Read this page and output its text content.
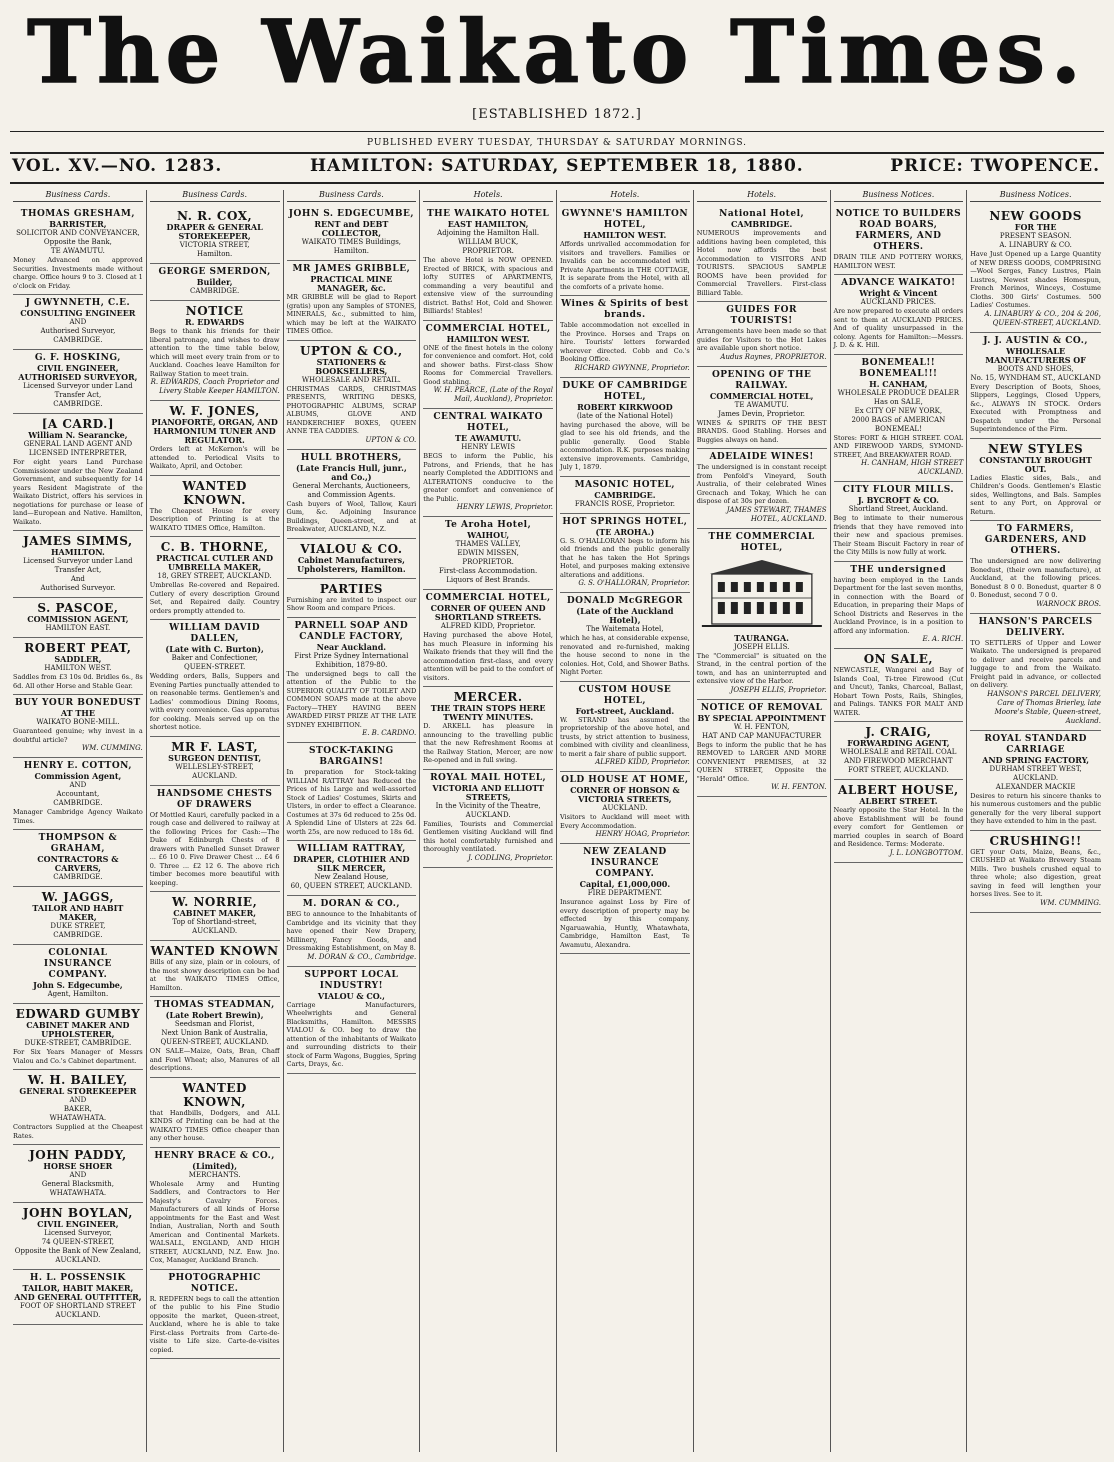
The Waikato Times.
[ESTABLISHED 1872.]
PUBLISHED EVERY TUESDAY, THURSDAY & SATURDAY MORNINGS.
VOL. XV.—NO. 1283.	HAMILTON: SATURDAY, SEPTEMBER 18, 1880.	PRICE: TWOPENCE.
Business Cards.
THOMAS GRESHAM,
BARRISTER,
SOLICITOR AND CONVEYANCER,
Opposite the Bank,
TE AWAMUTU.
Money Advanced on approved Securities. Investments made without charge. Office hours 9 to 3. Closed at 1 o'clock on Friday.
J GWYNNETH, C.E.
CONSULTING ENGINEER
AND
Authorised Surveyor,
CAMBRIDGE.
G. F. HOSKING,
CIVIL ENGINEER, AUTHORISED SURVEYOR,
Licensed Surveyor under Land Transfer Act,
CAMBRIDGE.
[A CARD.]
William N. Searancke,
GENERAL LAND AGENT AND LICENSED INTERPRETER,
For eight years Land Purchase Commissioner under the New Zealand Government, and subsequently for 14 years Resident Magistrate of the Waikato District, offers his services in negotiations for purchase or lease of land—European and Native. Hamilton, Waikato.
JAMES SIMMS,
HAMILTON.
Licensed Surveyor under Land Transfer Act,
And
Authorised Surveyor.
S. PASCOE,
COMMISSION AGENT,
HAMILTON EAST.
ROBERT PEAT,
SADDLER,
HAMILTON WEST.
Saddles from £3 10s 0d. Bridles 6s., 8s 6d. All other Horse and Stable Gear.
BUY YOUR BONEDUST
AT THE
WAIKATO BONE-MILL.
Guaranteed genuine; why invest in a doubtful article?
WM. CUMMING.
HENRY E. COTTON,
Commission Agent,
AND
Accountant,
CAMBRIDGE.
Manager Cambridge Agency Waikato Times.
THOMPSON & GRAHAM,
CONTRACTORS & CARVERS,
CAMBRIDGE.
W. JAGGS,
TAILOR AND HABIT MAKER,
DUKE STREET,
CAMBRIDGE.
COLONIAL INSURANCE COMPANY.
John S. Edgecumbe,
Agent, Hamilton.
EDWARD GUMBY
CABINET MAKER AND UPHOLSTERER,
DUKE-STREET, CAMBRIDGE.
For Six Years Manager of Messrs Vialou and Co.'s Cabinet department.
W. H. BAILEY,
GENERAL STOREKEEPER
AND
BAKER,
WHATAWHATA.
Contractors Supplied at the Cheapest Rates.
JOHN PADDY,
HORSE SHOER
AND
General Blacksmith,
WHATAWHATA.
JOHN BOYLAN,
CIVIL ENGINEER,
Licensed Surveyor,
74 QUEEN-STREET,
Opposite the Bank of New Zealand, AUCKLAND.
H. L. POSSENSIK
TAILOR, HABIT MAKER, AND GENERAL OUTFITTER,
FOOT OF SHORTLAND STREET
AUCKLAND.
Business Cards.
N. R. COX,
DRAPER & GENERAL STOREKEEPER,
VICTORIA STREET,
Hamilton.
GEORGE SMERDON,
Builder,
CAMBRIDGE.
NOTICE
R. EDWARDS
Begs to thank his friends for their liberal patronage, and wishes to draw attention to the time table below, which will meet every train from or to Auckland. Coaches leave Hamilton for Railway Station to meet train.
R. EDWARDS, Coach Proprietor and Livery Stable Keeper HAMILTON.
W. F. JONES,
PIANOFORTE, ORGAN, AND HARMONIUM TUNER AND REGULATOR.
Orders left at McKernon's will be attended to. Periodical Visits to Waikato, April, and October.
WANTED KNOWN.
The Cheapest House for every Description of Printing is at the WAIKATO TIMES Office, Hamilton.
C. B. THORNE,
PRACTICAL CUTLER AND UMBRELLA MAKER,
18, GREY STREET, AUCKLAND.
Umbrellas Re-covered and Repaired. Cutlery of every description Ground Set, and Repaired daily. Country orders promptly attended to.
WILLIAM DAVID DALLEN,
(Late with C. Burton),
Baker and Confectioner,
QUEEN-STREET.
Wedding orders, Balls, Suppers and Evening Parties punctually attended to on reasonable terms. Gentlemen's and Ladies' commodious Dining Rooms, with every convenience. Gas apparatus for cooking. Meals served up on the shortest notice.
MR F. LAST,
SURGEON DENTIST,
WELLESLEY-STREET,
AUCKLAND.
HANDSOME CHESTS OF DRAWERS
Of Mottled Kauri, carefully packed in a rough case and delivered to railway at the following Prices for Cash:—The Duke of Edinburgh Chests of 8 drawers with Panelled Sunset Drawer ... £6 10 0. Five Drawer Chest ... £4 6 0. Three ... £2 12 6. The above rich timber becomes more beautiful with keeping.
W. NORRIE,
CABINET MAKER,
Top of Shortland-street,
AUCKLAND.
WANTED KNOWN
Bills of any size, plain or in colours, of the most showy description can be had at the WAIKATO TIMES Office, Hamilton.
THOMAS STEADMAN,
(Late Robert Brewin),
Seedsman and Florist,
Next Union Bank of Australia,
QUEEN-STREET, AUCKLAND.
ON SALE—Maize, Oats, Bran, Chaff and Fowl Wheat; also, Manures of all descriptions.
WANTED KNOWN,
that Handbills, Dodgers, and ALL KINDS of Printing can be had at the WAIKATO TIMES Office cheaper than any other house.
HENRY BRACE & CO.,
(Limited),
MERCHANTS.
Wholesale Army and Hunting Saddlers, and Contractors to Her Majesty's Cavalry Forces. Manufacturers of all kinds of Horse appointments for the East and West Indian, Australian, North and South American and Continental Markets. WALSALL, ENGLAND, AND HIGH STREET, AUCKLAND, N.Z. Enw. Jno. Cox, Manager, Auckland Branch.
PHOTOGRAPHIC NOTICE.
R. REDFERN begs to call the attention of the public to his Fine Studio opposite the market, Queen-street, Auckland, where he is able to take First-class Portraits from Carte-de-visite to Life size. Carte-de-visites copied.
Business Cards.
JOHN S. EDGECUMBE,
RENT and DEBT COLLECTOR,
WAIKATO TIMES Buildings, Hamilton.
MR JAMES GRIBBLE,
PRACTICAL MINE MANAGER, &c.
MR GRIBBLE will be glad to Report (gratis) upon any Samples of STONES, MINERALS, &c., submitted to him, which may be left at the WAIKATO TIMES Office.
UPTON & CO.,
STATIONERS & BOOKSELLERS,
WHOLESALE AND RETAIL.
CHRISTMAS CARDS, CHRISTMAS PRESENTS, WRITING DESKS, PHOTOGRAPHIC ALBUMS, SCRAP ALBUMS, GLOVE AND HANDKERCHIEF BOXES, QUEEN ANNE TEA CADDIES.
UPTON & CO.
HULL BROTHERS,
(Late Francis Hull, junr., and Co.,)
General Merchants, Auctioneers, and Commission Agents.
Cash buyers of Wool, Tallow, Kauri Gum, &c. Adjoining Insurance Buildings, Queen-street, and at Breakwater, AUCKLAND, N.Z.
VIALOU & CO.
Cabinet Manufacturers, Upholsterers, Hamilton.
PARTIES
Furnishing are invited to inspect our Show Room and compare Prices.
PARNELL SOAP AND CANDLE FACTORY,
Near Auckland.
First Prize Sydney International Exhibition, 1879-80.
The undersigned begs to call the attention of the Public to the SUPERIOR QUALITY OF TOILET AND COMMON SOAPS made at the above Factory—THEY HAVING BEEN AWARDED FIRST PRIZE AT THE LATE SYDNEY EXHIBITION.
E. B. CARDNO.
STOCK-TAKING BARGAINS!
In preparation for Stock-taking WILLIAM RATTRAY has Reduced the Prices of his Large and well-assorted Stock of Ladies' Costumes, Skirts and Ulsters, in order to effect a Clearance. Costumes at 37s 6d reduced to 25s 0d. A Splendid Line of Ulsters at 22s 6d. worth 25s, are now reduced to 18s 6d.
WILLIAM RATTRAY,
DRAPER, CLOTHIER AND SILK MERCER,
New Zealand House,
60, QUEEN STREET, AUCKLAND.
M. DORAN & CO.,
BEG to announce to the Inhabitants of Cambridge and its vicinity that they have opened their New Drapery, Millinery, Fancy Goods, and Dressmaking Establishment, on May 8.
M. DORAN & CO., Cambridge.
SUPPORT LOCAL INDUSTRY!
VIALOU & CO.,
Carriage Manufacturers, Wheelwrights and General Blacksmiths, Hamilton. MESSRS VIALOU & CO. beg to draw the attention of the inhabitants of Waikato and surrounding districts to their stock of Farm Wagons, Buggies, Spring Carts, Drays, &c.
Hotels.
THE WAIKATO HOTEL
EAST HAMILTON,
Adjoining the Hamilton Hall.
WILLIAM BUCK,
PROPRIETOR.
The above Hotel is NOW OPENED. Erected of BRICK, with spacious and lofty SUITES of APARTMENTS, commanding a very beautiful and extensive view of the surrounding district. Baths! Hot, Cold and Shower. Billiards! Stables!
COMMERCIAL HOTEL,
HAMILTON WEST.
ONE of the finest hotels in the colony for convenience and comfort. Hot, cold and shower baths. First-class Show Rooms for Commercial Travellers. Good stabling.
W. H. PEARCE, (Late of the Royal Mail, Auckland), Proprietor.
CENTRAL WAIKATO HOTEL,
TE AWAMUTU.
HENRY LEWIS
BEGS to inform the Public, his Patrons, and Friends, that he has nearly Completed the ADDITIONS and ALTERATIONS conducive to the greater comfort and convenience of the Public.
HENRY LEWIS, Proprietor.
Te Aroha Hotel,
WAIHOU,
THAMES VALLEY,
EDWIN MISSEN,
PROPRIETOR.
First-class Accommodation.
Liquors of Best Brands.
COMMERCIAL HOTEL,
CORNER OF QUEEN AND SHORTLAND STREETS.
ALFRED KIDD, Proprietor.
Having purchased the above Hotel, has much Pleasure in informing his Waikato friends that they will find the accommodation first-class, and every attention will be paid to the comfort of visitors.
MERCER.
THE TRAIN STOPS HERE TWENTY MINUTES.
D. ARKELL has pleasure in announcing to the travelling public that the new Refreshment Rooms at the Railway Station, Mercer, are now Re-opened and in full swing.
ROYAL MAIL HOTEL,
VICTORIA AND ELLIOTT STREETS,
In the Vicinity of the Theatre,
AUCKLAND.
Families, Tourists and Commercial Gentlemen visiting Auckland will find this hotel comfortably furnished and thoroughly ventilated.
J. CODLING, Proprietor.
Hotels.
GWYNNE'S HAMILTON HOTEL,
HAMILTON WEST.
Affords unrivalled accommodation for visitors and travellers. Families or Invalids can be accommodated with Private Apartments in THE COTTAGE, It is separate from the Hotel, with all the comforts of a private home.
Wines & Spirits of best brands.
Table accommodation not excelled in the Province. Horses and Traps on hire. Tourists' letters forwarded wherever directed. Cobb and Co.'s Booking Office.
RICHARD GWYNNE, Proprietor.
DUKE OF CAMBRIDGE HOTEL,
ROBERT KIRKWOOD
(late of the National Hotel)
having purchased the above, will be glad to see his old friends, and the public generally. Good Stable accommodation. R.K. purposes making extensive improvements. Cambridge, July 1, 1879.
MASONIC HOTEL,
CAMBRIDGE.
FRANCIS ROSE, Proprietor.
HOT SPRINGS HOTEL,
(TE AROHA.)
G. S. O'HALLORAN begs to inform his old friends and the public generally that he has taken the Hot Springs Hotel, and purposes making extensive alterations and additions.
G. S. O'HALLORAN, Proprietor.
DONALD McGREGOR
(Late of the Auckland Hotel),
The Waitemata Hotel,
which he has, at considerable expense, renovated and re-furnished, making the house second to none in the colonies. Hot, Cold, and Shower Baths. Night Porter.
CUSTOM HOUSE HOTEL,
Fort-street, Auckland.
W. STRAND has assumed the proprietorship of the above hotel, and trusts, by strict attention to business, combined with civility and cleanliness, to merit a fair share of public support.
ALFRED KIDD, Proprietor.
OLD HOUSE AT HOME,
CORNER OF HOBSON & VICTORIA STREETS,
AUCKLAND.
Visitors to Auckland will meet with Every Accommodation.
HENRY HOAG, Proprietor.
NEW ZEALAND INSURANCE COMPANY.
Capital, £1,000,000.
FIRE DEPARTMENT.
Insurance against Loss by Fire of every description of property may be effected by this company. Ngaruawahia, Huntly, Whatawhata, Cambridge, Hamilton East, Te Awamutu, Alexandra.
Hotels.
National Hotel,
CAMBRIDGE.
NUMEROUS improvements and additions having been completed, this Hotel now affords the best Accommodation to VISITORS AND TOURISTS. SPACIOUS SAMPLE ROOMS have been provided for Commercial Travellers. First-class Billiard Table.
GUIDES FOR TOURISTS!
Arrangements have been made so that guides for Visitors to the Hot Lakes are available upon short notice.
Audus Raynes, PROPRIETOR.
OPENING OF THE RAILWAY.
COMMERCIAL HOTEL,
TE AWAMUTU.
James Devin, Proprietor.
WINES & SPIRITS OF THE BEST BRANDS. Good Stabling. Horses and Buggies always on hand.
ADELAIDE WINES!
The undersigned is in constant receipt from Penfold's Vineyard, South Australia, of their celebrated Wines Grecnach and Tokay, Which he can dispose of at 30s per dozen.
JAMES STEWART, THAMES HOTEL, AUCKLAND.
THE COMMERCIAL HOTEL,
TAURANGA.
JOSEPH ELLIS.
The "Commercial" is situated on the Strand, in the central portion of the town, and has an uninterrupted and extensive view of the Harbor.
JOSEPH ELLIS, Proprietor.
NOTICE OF REMOVAL
BY SPECIAL APPOINTMENT
W. H. FENTON,
HAT AND CAP MANUFACTURER
Begs to inform the public that he has REMOVED to LARGER AND MORE CONVENIENT PREMISES, at 32 QUEEN STREET, Opposite the "Herald" Office.
W. H. FENTON.
Business Notices.
NOTICE TO BUILDERS ROAD BOARS, FARMERS, AND OTHERS.
DRAIN TILE AND POTTERY WORKS, HAMILTON WEST.
ADVANCE WAIKATO!
Wright & Vincent
AUCKLAND PRICES.
Are now prepared to execute all orders sent to them at AUCKLAND PRICES. And of quality unsurpassed in the colony. Agents for Hamilton:—Messrs. J. D. & K. Hill.
BONEMEAL!! BONEMEAL!!!
H. CANHAM,
WHOLESALE PRODUCE DEALER
Has on SALE,
Ex CITY OF NEW YORK,
2000 BAGS of AMERICAN BONEMEAL!
Stores: FORT & HIGH STREET. COAL AND FIREWOOD YARDS, SYMOND-STREET, And BREAKWATER ROAD.
H. CANHAM, HIGH STREET AUCKLAND.
CITY FLOUR MILLS.
J. BYCROFT & CO.
Shortland Street, Auckland.
Beg to intimate to their numerous friends that they have removed into their new and spacious premises. Their Steam Biscuit Factory in rear of the City Mills is now fully at work.
THE undersigned
having been employed in the Lands Department for the last seven months, in connection with the Board of Education, in preparing their Maps of School Districts and Reserves in the Auckland Province, is in a position to afford any information.
E. A. RICH.
ON SALE,
NEWCASTLE, Wangarei and Bay of Islands Coal, Ti-tree Firewood (Cut and Uncut), Tanks, Charcoal, Ballast, Hobart Town Posts, Rails, Shingles, and Palings. TANKS FOR MALT AND WATER.
J. CRAIG,
FORWARDING AGENT,
WHOLESALE and RETAIL COAL AND FIREWOOD MERCHANT
FORT STREET, AUCKLAND.
ALBERT HOUSE,
ALBERT STREET.
Nearly opposite the Star Hotel. In the above Establishment will be found every comfort for Gentlemen or married couples in search of Board and Residence. Terms: Moderate.
J. L. LONGBOTTOM.
Business Notices.
NEW GOODS
FOR THE
PRESENT SEASON.
A. LINABURY & CO.
Have Just Opened up a Large Quantity of NEW DRESS GOODS, COMPRISING—Wool Serges, Fancy Lustres, Plain Lustres, Newest shades Homespun, French Merinos, Winceys, Costume Cloths. 300 Girls' Costumes. 500 Ladies' Costumes.
A. LINABURY & CO., 204 & 206, QUEEN-STREET, AUCKLAND.
J. J. AUSTIN & CO.,
WHOLESALE MANUFACTURERS OF
BOOTS AND SHOES,
No. 15, WYNDHAM ST., AUCKLAND
Every Description of Boots, Shoes, Slippers, Leggings, Closed Uppers, &c., ALWAYS IN STOCK. Orders Executed with Promptness and Despatch under the Personal Superintendence of the Firm.
NEW STYLES
CONSTANTLY BROUGHT OUT.
Ladies Elastic sides, Bals., and Children's Goods. Gentlemen's Elastic sides, Wellingtons, and Bals. Samples sent to any Port, on Approval or Return.
TO FARMERS, GARDENERS, AND OTHERS.
The undersigned are now delivering Bonedust, (their own manufacture), at Auckland, at the following prices. Bonedust 8 0 0. Bonedust, quarter 8 0 0. Bonedust, second 7 0 0.
WARNOCK BROS.
HANSON'S PARCELS DELIVERY.
TO SETTLERS of Upper and Lower Waikato. The undersigned is prepared to deliver and receive parcels and luggage to and from the Waikato. Freight paid in advance, or collected on delivery.
HANSON'S PARCEL DELIVERY, Care of Thomas Brierley, late Moore's Stable, Queen-street, Auckland.
ROYAL STANDARD CARRIAGE
AND SPRING FACTORY,
DURHAM STREET WEST, AUCKLAND.
ALEXANDER MACKIE
Desires to return his sincere thanks to his numerous customers and the public generally for the very liberal support they have extended to him in the past.
CRUSHING!!
GET your Oats, Maize, Beans, &c., CRUSHED at Waikato Brewery Steam Mills. Two bushels crushed equal to three whole; also digestion, great saving in feed will lengthen your horses lives. See to it.
WM. CUMMING.
